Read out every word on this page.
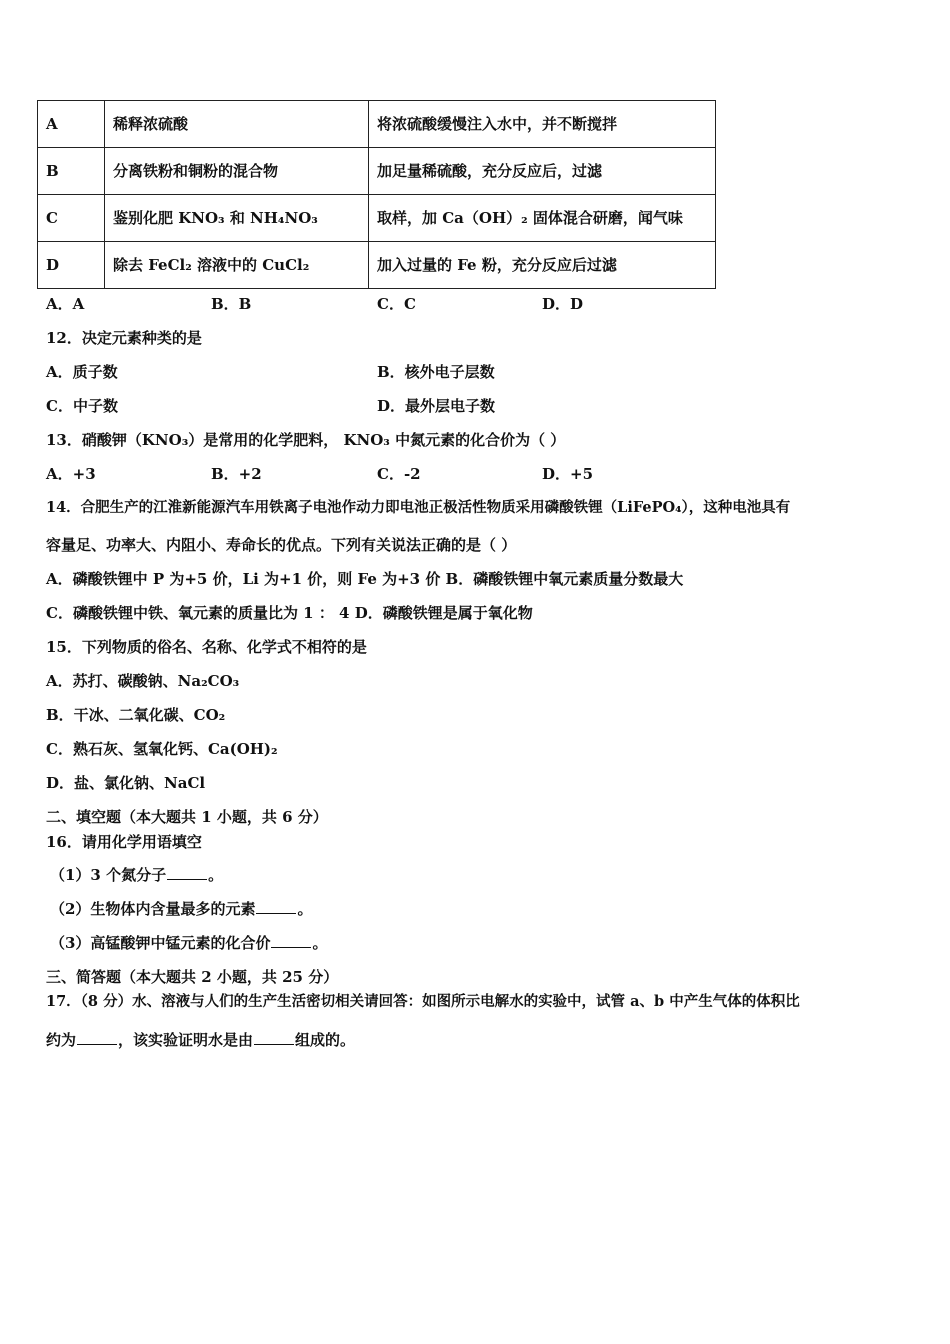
A	稀释浓硫酸	将浓硫酸缓慢注入水中，并不断搅拌
B	分离铁粉和铜粉的混合物	加足量稀硫酸，充分反应后，过滤
C	鉴别化肥 KNO₃ 和 NH₄NO₃	取样，加 Ca（OH）₂ 固体混合研磨，闻气味
D	除去 FeCl₂ 溶液中的 CuCl₂	加入过量的 Fe 粉，充分反应后过滤
A．A	B．B	C．C	D．D
12．决定元素种类的是
A．质子数	B．核外电子层数
C．中子数	D．最外层电子数
13．硝酸钾（KNO₃）是常用的化学肥料， KNO₃ 中氮元素的化合价为（ ）
A．+3	B．+2	C．-2	D．+5
14．合肥生产的江淮新能源汽车用铁离子电池作动力即电池正极活性物质采用磷酸铁锂（LiFePO₄），这种电池具有
容量足、功率大、内阻小、寿命长的优点。下列有关说法正确的是（ ）
A．磷酸铁锂中 P 为+5 价，Li 为+1 价，则 Fe 为+3 价 B．磷酸铁锂中氧元素质量分数最大
C．磷酸铁锂中铁、氧元素的质量比为 1 ： 4 D．磷酸铁锂是属于氧化物
15．下列物质的俗名、名称、化学式不相符的是
A．苏打、碳酸钠、Na₂CO₃
B．干冰、二氧化碳、CO₂
C．熟石灰、氢氧化钙、Ca(OH)₂
D．盐、氯化钠、NaCl
二、填空题（本大题共 1 小题，共 6 分）
16．请用化学用语填空
（1）3 个氮分子	。
（2）生物体内含量最多的元素	。
（3）高锰酸钾中锰元素的化合价	。
三、简答题（本大题共 2 小题，共 25 分）
17．（8 分）水、溶液与人们的生产生活密切相关请回答：如图所示电解水的实验中，试管 a、b 中产生气体的体积比
约为	，该实验证明水是由	组成的。
